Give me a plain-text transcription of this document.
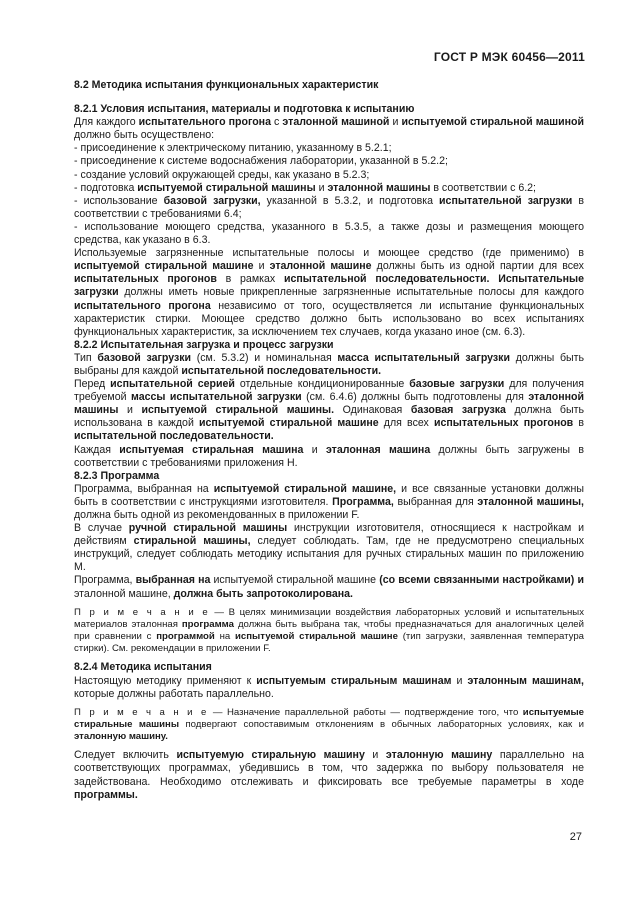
ГОСТ Р МЭК 60456—2011

8.2 Методика испытания функциональных характеристик

8.2.1 Условия испытания, материалы и подготовка к испытанию

Для каждого испытательного прогона с эталонной машиной и испытуемой стиральной машиной должно быть осуществлено:

- присоединение к электрическому питанию, указанному в 5.2.1;

- присоединение к системе водоснабжения лаборатории, указанной в 5.2.2;

- создание условий окружающей среды, как указано в 5.2.3;

- подготовка испытуемой стиральной машины и эталонной машины в соответствии с 6.2;

- использование базовой загрузки, указанной в 5.3.2, и подготовка испытательной загрузки в соответствии с требованиями 6.4;

- использование моющего средства, указанного в 5.3.5, а также дозы и размещения моющего средства, как указано в 6.3.

Используемые загрязненные испытательные полосы и моющее средство (где применимо) в испытуемой стиральной машине и эталонной машине должны быть из одной партии для всех испытательных прогонов в рамках испытательной последовательности. Испытательные загрузки должны иметь новые прикрепленные загрязненные испытательные полосы для каждого испытательного прогона независимо от того, осуществляется ли испытание функциональных характеристик стирки. Моющее средство должно быть использовано во всех испытаниях функциональных характеристик, за исключением тех случаев, когда указано иное (см. 6.3).

8.2.2 Испытательная загрузка и процесс загрузки

Тип базовой загрузки (см. 5.3.2) и номинальная масса испытательный загрузки должны быть выбраны для каждой испытательной последовательности.

Перед испытательной серией отдельные кондиционированные базовые загрузки для получения требуемой массы испытательной загрузки (см. 6.4.6) должны быть подготовлены для эталонной машины и испытуемой стиральной машины. Одинаковая базовая загрузка должна быть использована в каждой испытуемой стиральной машине для всех испытательных прогонов в испытательной последовательности.

Каждая испытуемая стиральная машина и эталонная машина должны быть загружены в соответствии с требованиями приложения Н.

8.2.3 Программа

Программа, выбранная на испытуемой стиральной машине, и все связанные установки должны быть в соответствии с инструкциями изготовителя. Программа, выбранная для эталонной машины, должна быть одной из рекомендованных в приложении F.

В случае ручной стиральной машины инструкции изготовителя, относящиеся к настройкам и действиям стиральной машины, следует соблюдать. Там, где не предусмотрено специальных инструкций, следует соблюдать методику испытания для ручных стиральных машин по приложению М.

Программа, выбранная на испытуемой стиральной машине (со всеми связанными настройками) и эталонной машине, должна быть запротоколирована.

П р и м е ч а н и е — В целях минимизации воздействия лабораторных условий и испытательных материалов эталонная программа должна быть выбрана так, чтобы предназначаться для аналогичных целей при сравнении с программой на испытуемой стиральной машине (тип загрузки, заявленная температура стирки). См. рекомендации в приложении F.

8.2.4 Методика испытания

Настоящую методику применяют к испытуемым стиральным машинам и эталонным машинам, которые должны работать параллельно.

П р и м е ч а н и е — Назначение параллельной работы — подтверждение того, что испытуемые стиральные машины подвергают сопоставимым отклонениям в обычных лабораторных условиях, как и эталонную машину.

Следует включить испытуемую стиральную машину и эталонную машину параллельно на соответствующих программах, убедившись в том, что задержка по выбору пользователя не задействована. Необходимо отслеживать и фиксировать все требуемые параметры в ходе программы.

27
